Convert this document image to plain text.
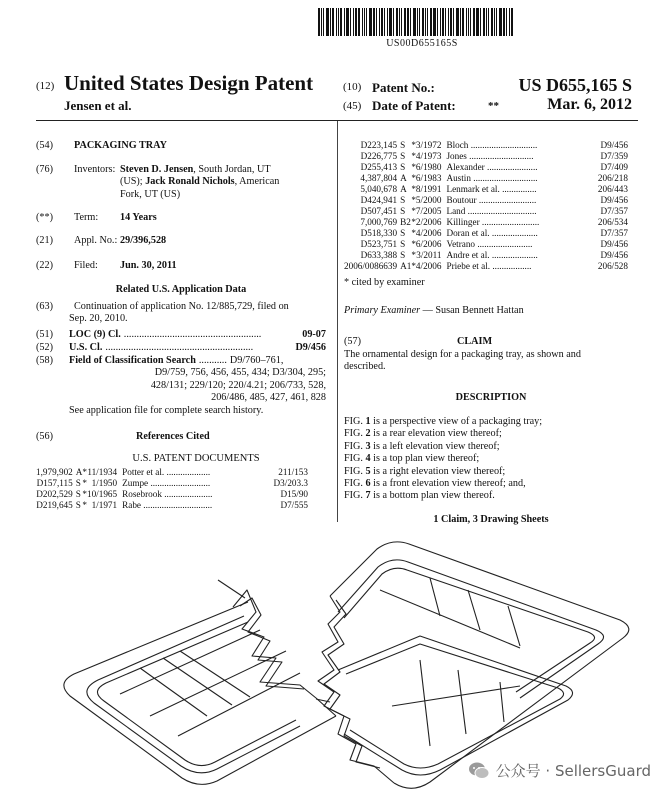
US00D655165S
(12) United States Design Patent
Jensen et al.
(10) Patent No.:	US D655,165 S
(45) Date of Patent:	**	Mar. 6, 2012
(54) PACKAGING TRAY
(76) Inventors: Steven D. Jensen, South Jordan, UT
(US); Jack Ronald Nichols, American
Fork, UT (US)
(**) Term: 14 Years
(21) Appl. No.: 29/396,528
(22) Filed: Jun. 30, 2011
Related U.S. Application Data
(63) Continuation of application No. 12/885,729, filed on
Sep. 20, 2010.
(51)	LOC (9) Cl. ......................................................	09-07
(52)	U.S. Cl. ..........................................................	D9/456
(58)	Field of Classification Search ........... D9/760–761,
D9/759, 756, 456, 455, 434; D3/304, 295;
428/131; 229/120; 220/4.21; 206/733, 528,
206/486, 485, 427, 461, 828
See application file for complete search history.
(56)	References Cited
U.S. PATENT DOCUMENTS
1,979,902	A	*	11/1934	Potter et al. ...................	211/153
D157,115	S	*	1/1950	Zumpe ..........................	D3/203.3
D202,529	S	*	10/1965	Rosebrook .....................	D15/90
D219,645	S	*	1/1971	Rabe ..............................	D7/555
D223,145	S	*	3/1972	Bloch .............................	D9/456
D226,775	S	*	4/1973	Jones ............................	D7/359
D255,413	S	*	6/1980	Alexander ......................	D7/409
4,387,804	A	*	6/1983	Austin ............................	206/218
5,040,678	A	*	8/1991	Lenmark et al. ...............	206/443
D424,941	S	*	5/2000	Boutour .........................	D9/456
D507,451	S	*	7/2005	Land ..............................	D7/357
7,000,769	B2	*	2/2006	Killinger .........................	206/534
D518,330	S	*	4/2006	Doran et al. ....................	D7/357
D523,751	S	*	6/2006	Vetrano ........................	D9/456
D633,388	S	*	3/2011	Andre et al. ....................	D9/456
2006/0086639	A1	*	4/2006	Priebe et al. .................	206/528
* cited by examiner
Primary Examiner — Susan Bennett Hattan
(57)	CLAIM
The ornamental design for a packaging tray, as shown and
described.
DESCRIPTION
FIG. 1 is a perspective view of a packaging tray;
FIG. 2 is a rear elevation view thereof;
FIG. 3 is a left elevation view thereof;
FIG. 4 is a top plan view thereof;
FIG. 5 is a right elevation view thereof;
FIG. 6 is a front elevation view thereof; and,
FIG. 7 is a bottom plan view thereof.
1 Claim, 3 Drawing Sheets
公众号 · SellersGuard
